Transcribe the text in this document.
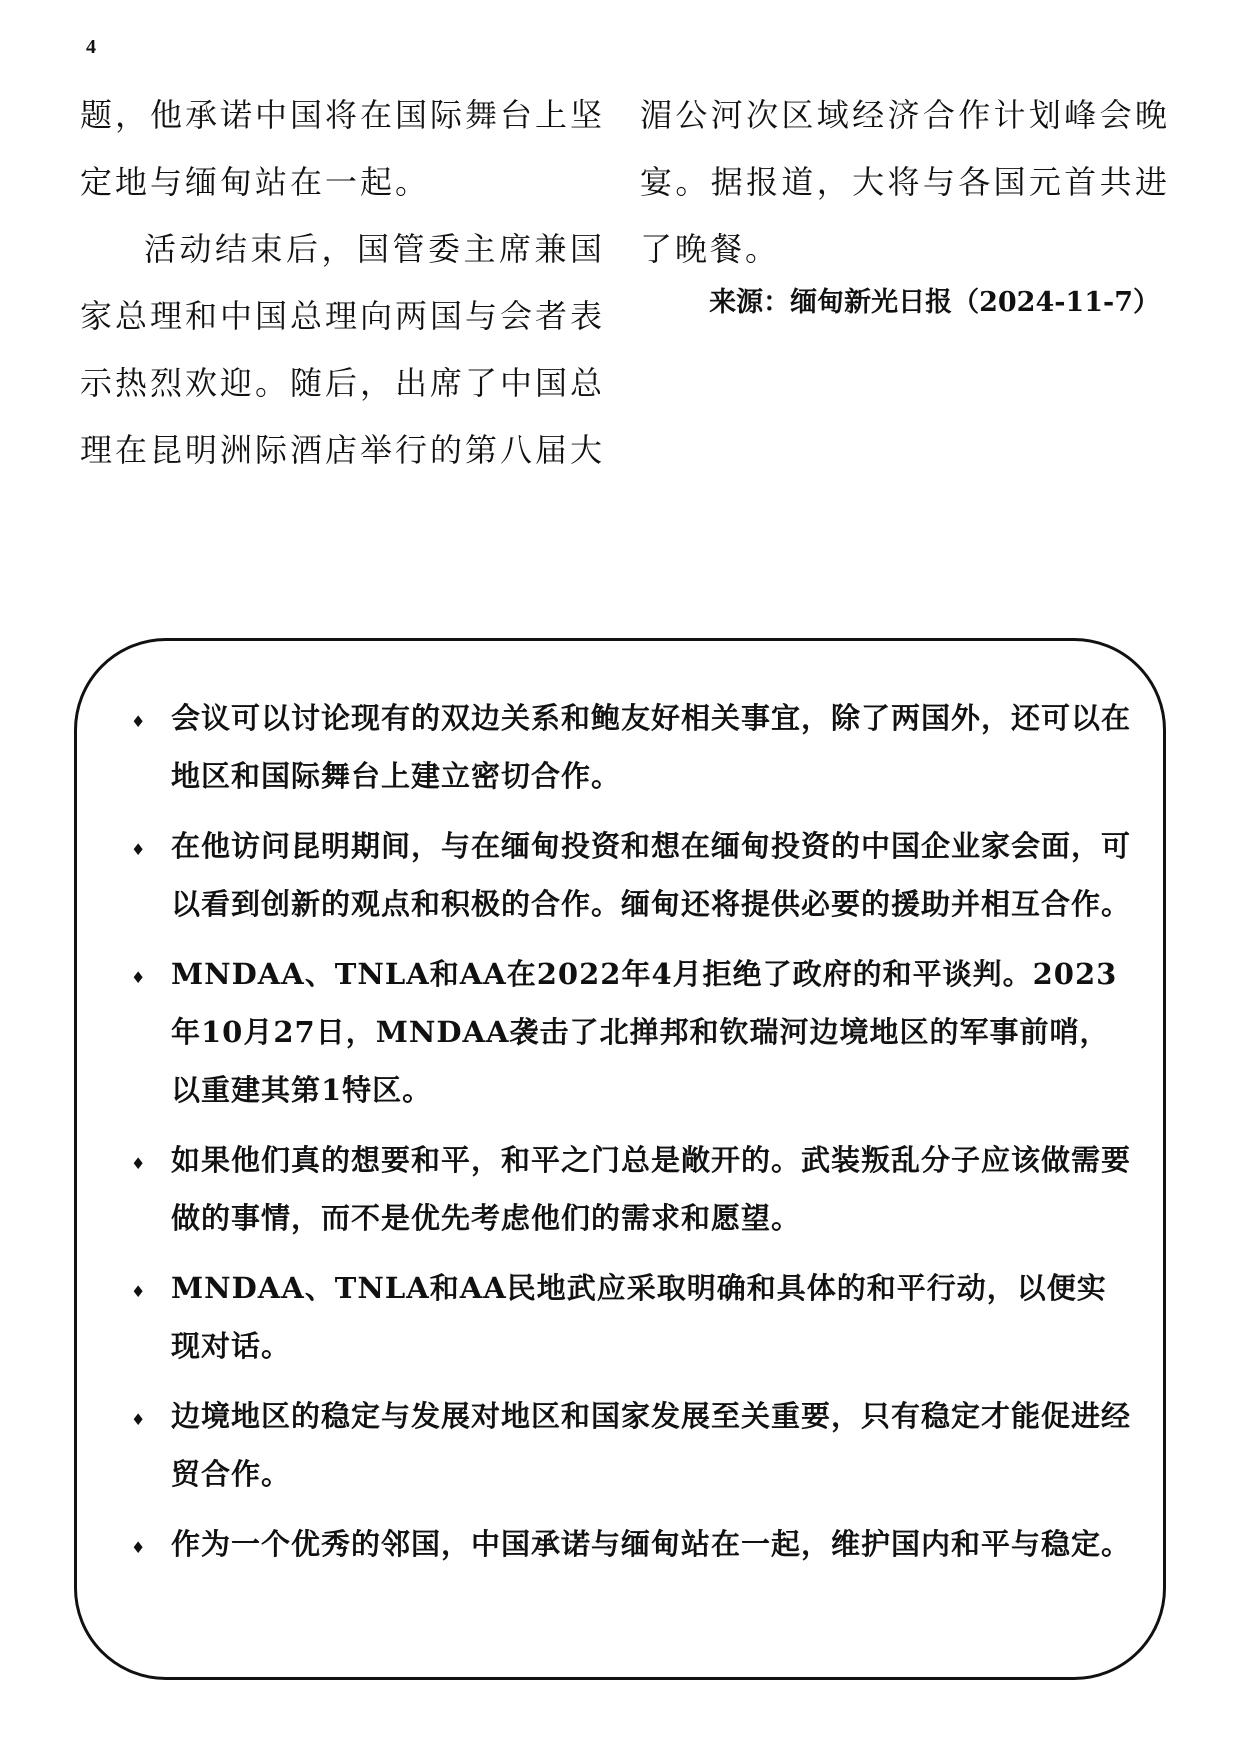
4

题，他承诺中国将在国际舞台上坚定地与缅甸站在一起。

活动结束后，国管委主席兼国家总理和中国总理向两国与会者表示热烈欢迎。随后，出席了中国总理在昆明洲际酒店举行的第八届大

湄公河次区域经济合作计划峰会晚宴。据报道，大将与各国元首共进了晚餐。

来源：缅甸新光日报（2024-11-7）

♦ 会议可以讨论现有的双边关系和鲍友好相关事宜，除了两国外，还可以在地区和国际舞台上建立密切合作。
♦ 在他访问昆明期间，与在缅甸投资和想在缅甸投资的中国企业家会面，可以看到创新的观点和积极的合作。缅甸还将提供必要的援助并相互合作。
♦ MNDAA、TNLA和AA在2022年4月拒绝了政府的和平谈判。2023年10月27日，MNDAA袭击了北掸邦和钦瑞河边境地区的军事前哨，以重建其第1特区。
♦ 如果他们真的想要和平，和平之门总是敞开的。武装叛乱分子应该做需要做的事情，而不是优先考虑他们的需求和愿望。
♦ MNDAA、TNLA和AA民地武应采取明确和具体的和平行动，以便实现对话。
♦ 边境地区的稳定与发展对地区和国家发展至关重要，只有稳定才能促进经贸合作。
♦ 作为一个优秀的邻国，中国承诺与缅甸站在一起，维护国内和平与稳定。
